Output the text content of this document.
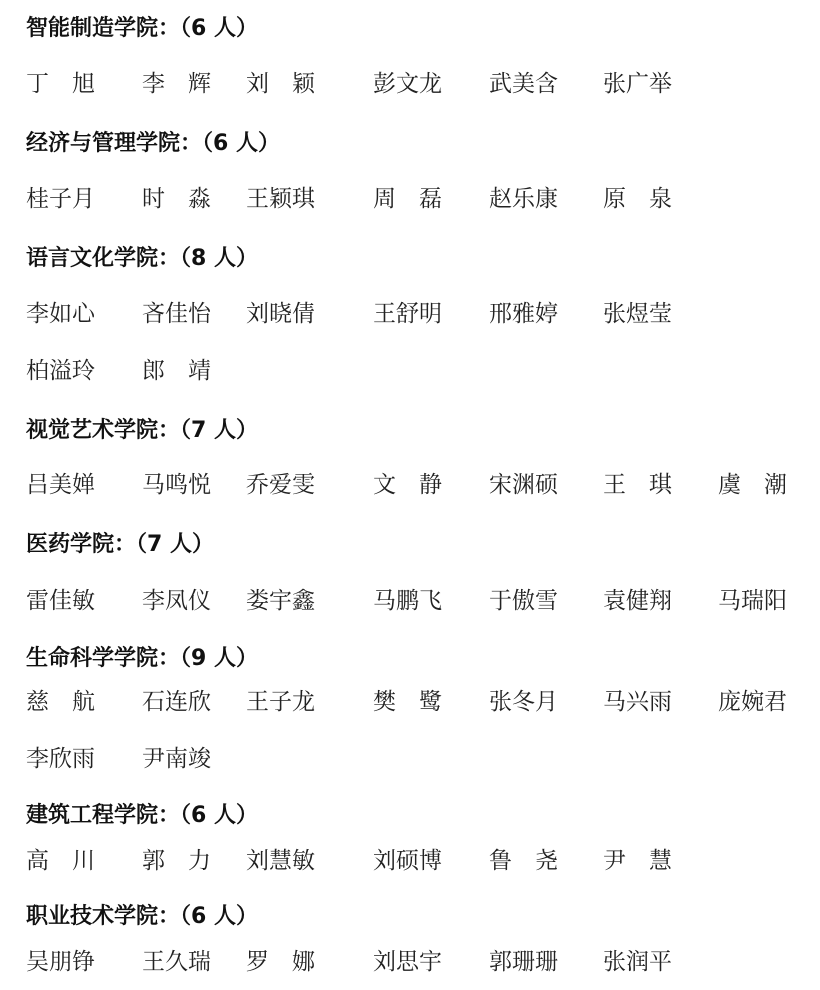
智能制造学院：（6 人）
丁　旭 李　辉 刘　颖	彭文龙 武美含 张广举
经济与管理学院：（6 人）
桂子月 时　淼 王颖琪	周　磊 赵乐康 原　泉
语言文化学院：（8 人）
李如心 吝佳怡 刘晓倩	王舒明 邢雅婷 张煜莹
柏溢玲 郎　靖
视觉艺术学院：（7 人）
吕美婵 马鸣悦 乔爱雯	文　静 宋渊硕 王　琪 虞　潮
医药学院：（7 人）
雷佳敏 李凤仪 娄宇鑫	马鹏飞 于傲雪 袁健翔 马瑞阳
生命科学学院：（9 人）
慈　航 石连欣 王子龙	樊　鹭 张冬月 马兴雨 庞婉君
李欣雨 尹南竣
建筑工程学院：（6 人）
高　川 郭　力 刘慧敏	刘硕博 鲁　尧 尹　慧
职业技术学院：（6 人）
吴朋铮 王久瑞 罗　娜	刘思宇 郭珊珊 张润平
